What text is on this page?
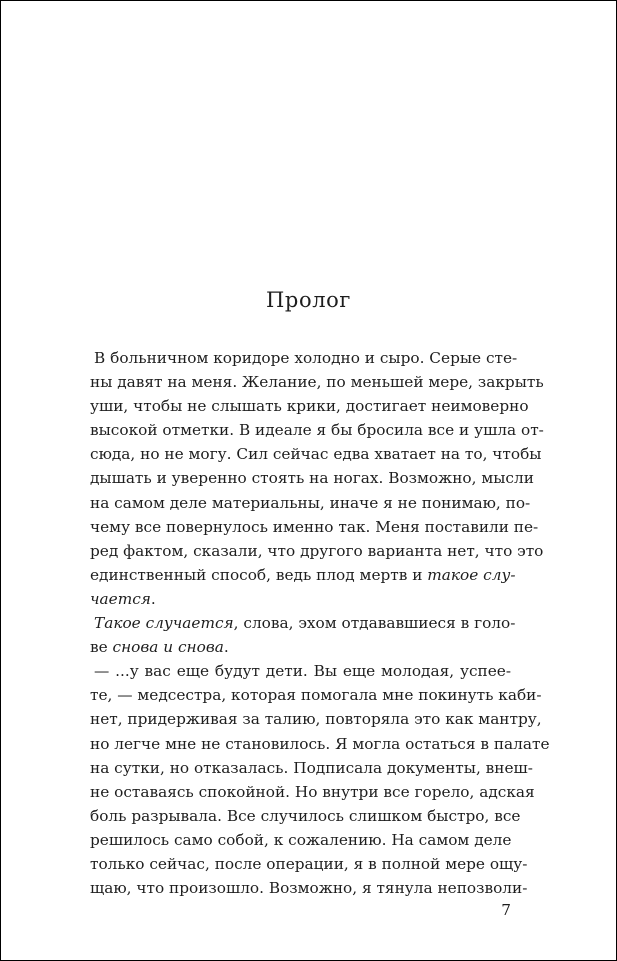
Пролог
В больничном коридоре холодно и сыро. Серые сте-
ны давят на меня. Желание, по меньшей мере, закрыть
уши, чтобы не слышать крики, достигает неимоверно
высокой отметки. В идеале я бы бросила все и ушла от-
сюда, но не могу. Сил сейчас едва хватает на то, чтобы
дышать и уверенно стоять на ногах. Возможно, мысли
на самом деле материальны, иначе я не понимаю, по-
чему все повернулось именно так. Меня поставили пе-
ред фактом, сказали, что другого варианта нет, что это
единственный способ, ведь плод мертв и такое слу-
чается.
Такое случается, слова, эхом отдававшиеся в голо-
ве снова и снова.
— ...у вас еще будут дети. Вы еще молодая, успее-
те, — медсестра, которая помогала мне покинуть каби-
нет, придерживая за талию, повторяла это как мантру,
но легче мне не становилось. Я могла остаться в палате
на сутки, но отказалась. Подписала документы, внеш-
не оставаясь спокойной. Но внутри все горело, адская
боль разрывала. Все случилось слишком быстро, все
решилось само собой, к сожалению. На самом деле
только сейчас, после операции, я в полной мере ощу-
щаю, что произошло. Возможно, я тянула непозволи-
7
